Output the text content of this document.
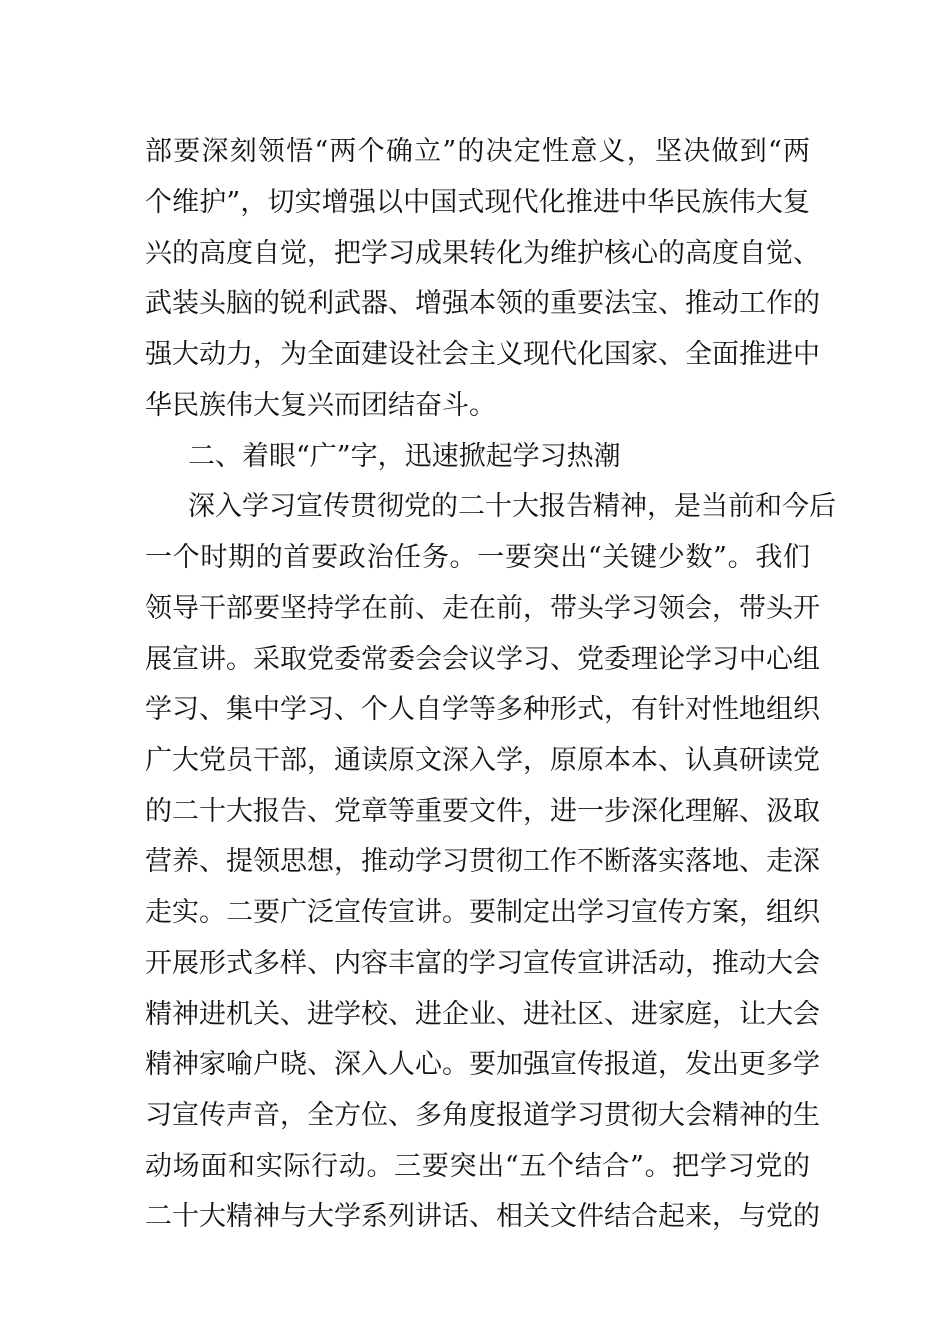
部要深刻领悟“两个确立”的决定性意义，坚决做到“两
个维护”，切实增强以中国式现代化推进中华民族伟大复
兴的高度自觉，把学习成果转化为维护核心的高度自觉、
武装头脑的锐利武器、增强本领的重要法宝、推动工作的
强大动力，为全面建设社会主义现代化国家、全面推进中
华民族伟大复兴而团结奋斗。
二、着眼“广”字，迅速掀起学习热潮
深入学习宣传贯彻党的二十大报告精神，是当前和今后
一个时期的首要政治任务。一要突出“关键少数”。我们
领导干部要坚持学在前、走在前，带头学习领会，带头开
展宣讲。采取党委常委会会议学习、党委理论学习中心组
学习、集中学习、个人自学等多种形式，有针对性地组织
广大党员干部，通读原文深入学，原原本本、认真研读党
的二十大报告、党章等重要文件，进一步深化理解、汲取
营养、提领思想，推动学习贯彻工作不断落实落地、走深
走实。二要广泛宣传宣讲。要制定出学习宣传方案，组织
开展形式多样、内容丰富的学习宣传宣讲活动，推动大会
精神进机关、进学校、进企业、进社区、进家庭，让大会
精神家喻户晓、深入人心。要加强宣传报道，发出更多学
习宣传声音，全方位、多角度报道学习贯彻大会精神的生
动场面和实际行动。三要突出“五个结合”。把学习党的
二十大精神与大学系列讲话、相关文件结合起来，与党的
